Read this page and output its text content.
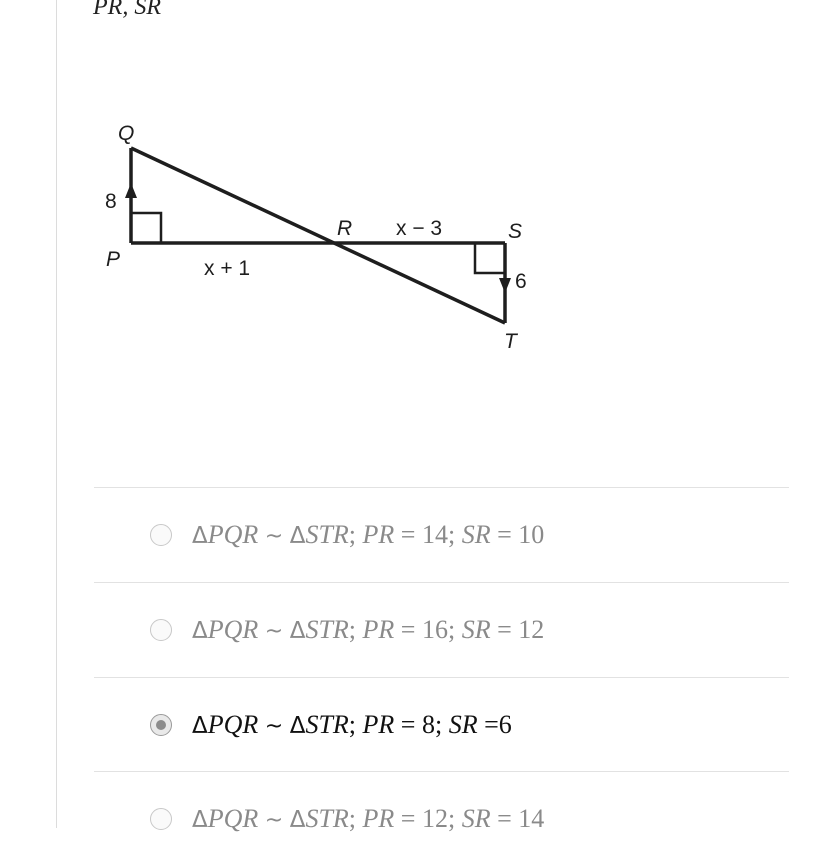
PR, SR

Q
P
R	S
T
8
6
x + 1
x − 3
ΔPQR ~ ΔSTR; PR = 14; SR = 10
ΔPQR ~ ΔSTR; PR = 16; SR = 12
ΔPQR ~ ΔSTR; PR = 8; SR =6
ΔPQR ~ ΔSTR; PR = 12; SR = 14
